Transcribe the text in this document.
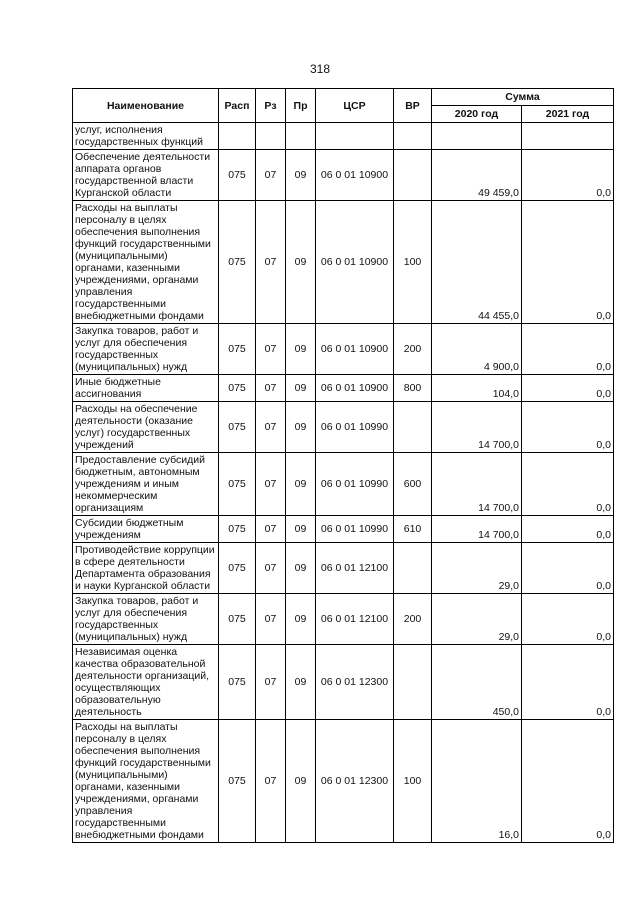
318
Наименование	Расп	Рз	Пр	ЦСР	ВР	Сумма	
						2020 год	2021 год
услуг, исполнения государственных функций							
Обеспечение деятельности аппарата органов государственной власти Курганской области	075	07	09	06 0 01 10900		49 459,0	0,0
Расходы на выплаты персоналу в целях обеспечения выполнения функций государственными (муниципальными) органами, казенными учреждениями, органами управления государственными внебюджетными фондами	075	07	09	06 0 01 10900	100	44 455,0	0,0
Закупка товаров, работ и услуг для обеспечения государственных (муниципальных) нужд	075	07	09	06 0 01 10900	200	4 900,0	0,0
Иные бюджетные ассигнования	075	07	09	06 0 01 10900	800	104,0	0,0
Расходы на обеспечение деятельности (оказание услуг) государственных учреждений	075	07	09	06 0 01 10990		14 700,0	0,0
Предоставление субсидий бюджетным, автономным учреждениям и иным некоммерческим организациям	075	07	09	06 0 01 10990	600	14 700,0	0,0
Субсидии бюджетным учреждениям	075	07	09	06 0 01 10990	610	14 700,0	0,0
Противодействие коррупции в сфере деятельности Департамента образования и науки Курганской области	075	07	09	06 0 01 12100		29,0	0,0
Закупка товаров, работ и услуг для обеспечения государственных (муниципальных) нужд	075	07	09	06 0 01 12100	200	29,0	0,0
Независимая оценка качества образовательной деятельности организаций, осуществляющих образовательную деятельность	075	07	09	06 0 01 12300		450,0	0,0
Расходы на выплаты персоналу в целях обеспечения выполнения функций государственными (муниципальными) органами, казенными учреждениями, органами управления государственными внебюджетными фондами	075	07	09	06 0 01 12300	100	16,0	0,0
